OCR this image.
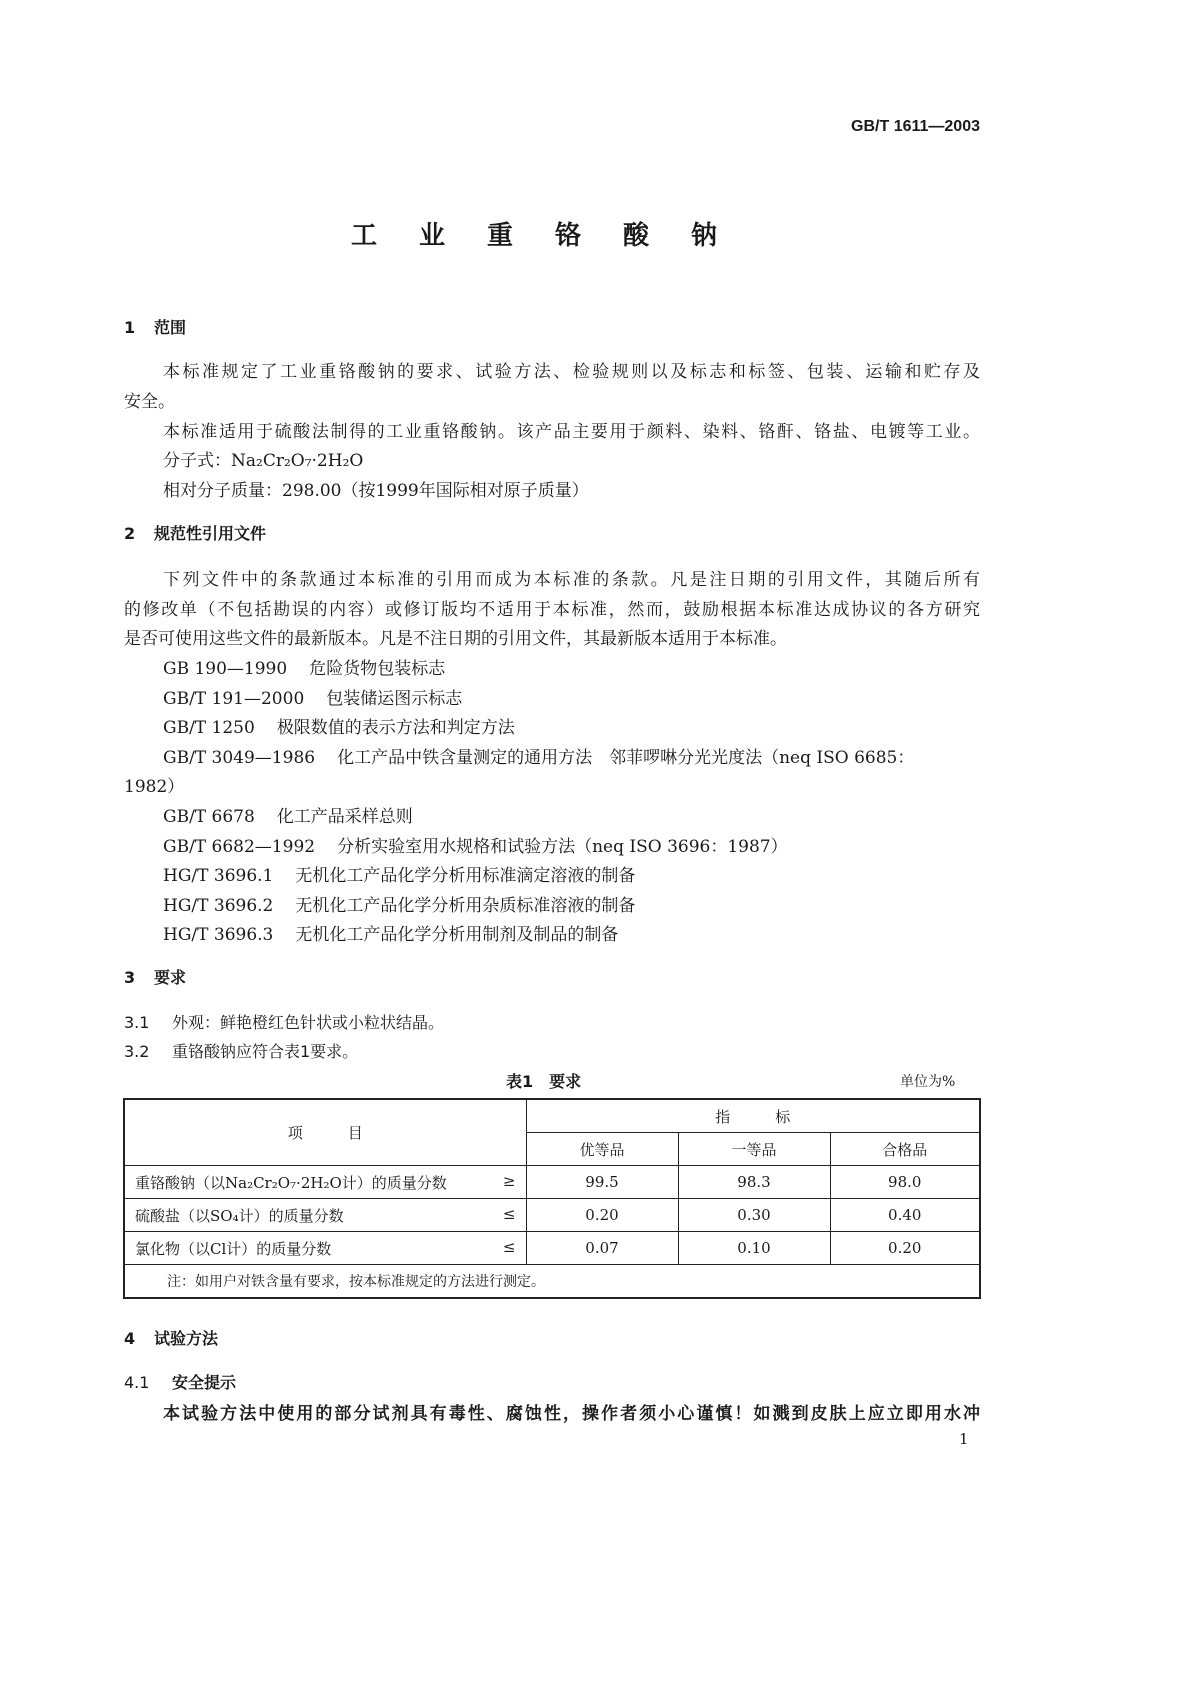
GB/T 1611—2003
工业重铬酸钠
1 范围
本标准规定了工业重铬酸钠的要求、试验方法、检验规则以及标志和标签、包装、运输和贮存及
安全。
本标准适用于硫酸法制得的工业重铬酸钠。该产品主要用于颜料、染料、铬酐、铬盐、电镀等工业。
分子式：Na₂Cr₂O₇·2H₂O
相对分子质量：298.00（按1999年国际相对原子质量）
2 规范性引用文件
下列文件中的条款通过本标准的引用而成为本标准的条款。凡是注日期的引用文件，其随后所有
的修改单（不包括勘误的内容）或修订版均不适用于本标准，然而，鼓励根据本标准达成协议的各方研究
是否可使用这些文件的最新版本。凡是不注日期的引用文件，其最新版本适用于本标准。
GB 190—1990 危险货物包装标志
GB/T 191—2000 包装储运图示标志
GB/T 1250 极限数值的表示方法和判定方法
GB/T 3049—1986 化工产品中铁含量测定的通用方法　邻菲啰啉分光光度法（neq ISO 6685：
1982）
GB/T 6678 化工产品采样总则
GB/T 6682—1992 分析实验室用水规格和试验方法（neq ISO 3696：1987）
HG/T 3696.1 无机化工产品化学分析用标准滴定溶液的制备
HG/T 3696.2 无机化工产品化学分析用杂质标准溶液的制备
HG/T 3696.3 无机化工产品化学分析用制剂及制品的制备
3 要求
3.1 外观：鲜艳橙红色针状或小粒状结晶。
3.2 重铬酸钠应符合表1要求。
表1　要求	单位为%
项　　　目	指　　　标		
	优等品	一等品	合格品
重铬酸钠（以Na₂Cr₂O₇·2H₂O计）的质量分数 ≥	99.5	98.3	98.0
硫酸盐（以SO₄计）的质量分数 ≤	0.20	0.30	0.40
氯化物（以Cl计）的质量分数 ≤	0.07	0.10	0.20
注：如用户对铁含量有要求，按本标准规定的方法进行测定。			
4 试验方法
4.1 安全提示
本试验方法中使用的部分试剂具有毒性、腐蚀性，操作者须小心谨慎！如溅到皮肤上应立即用水冲
1
